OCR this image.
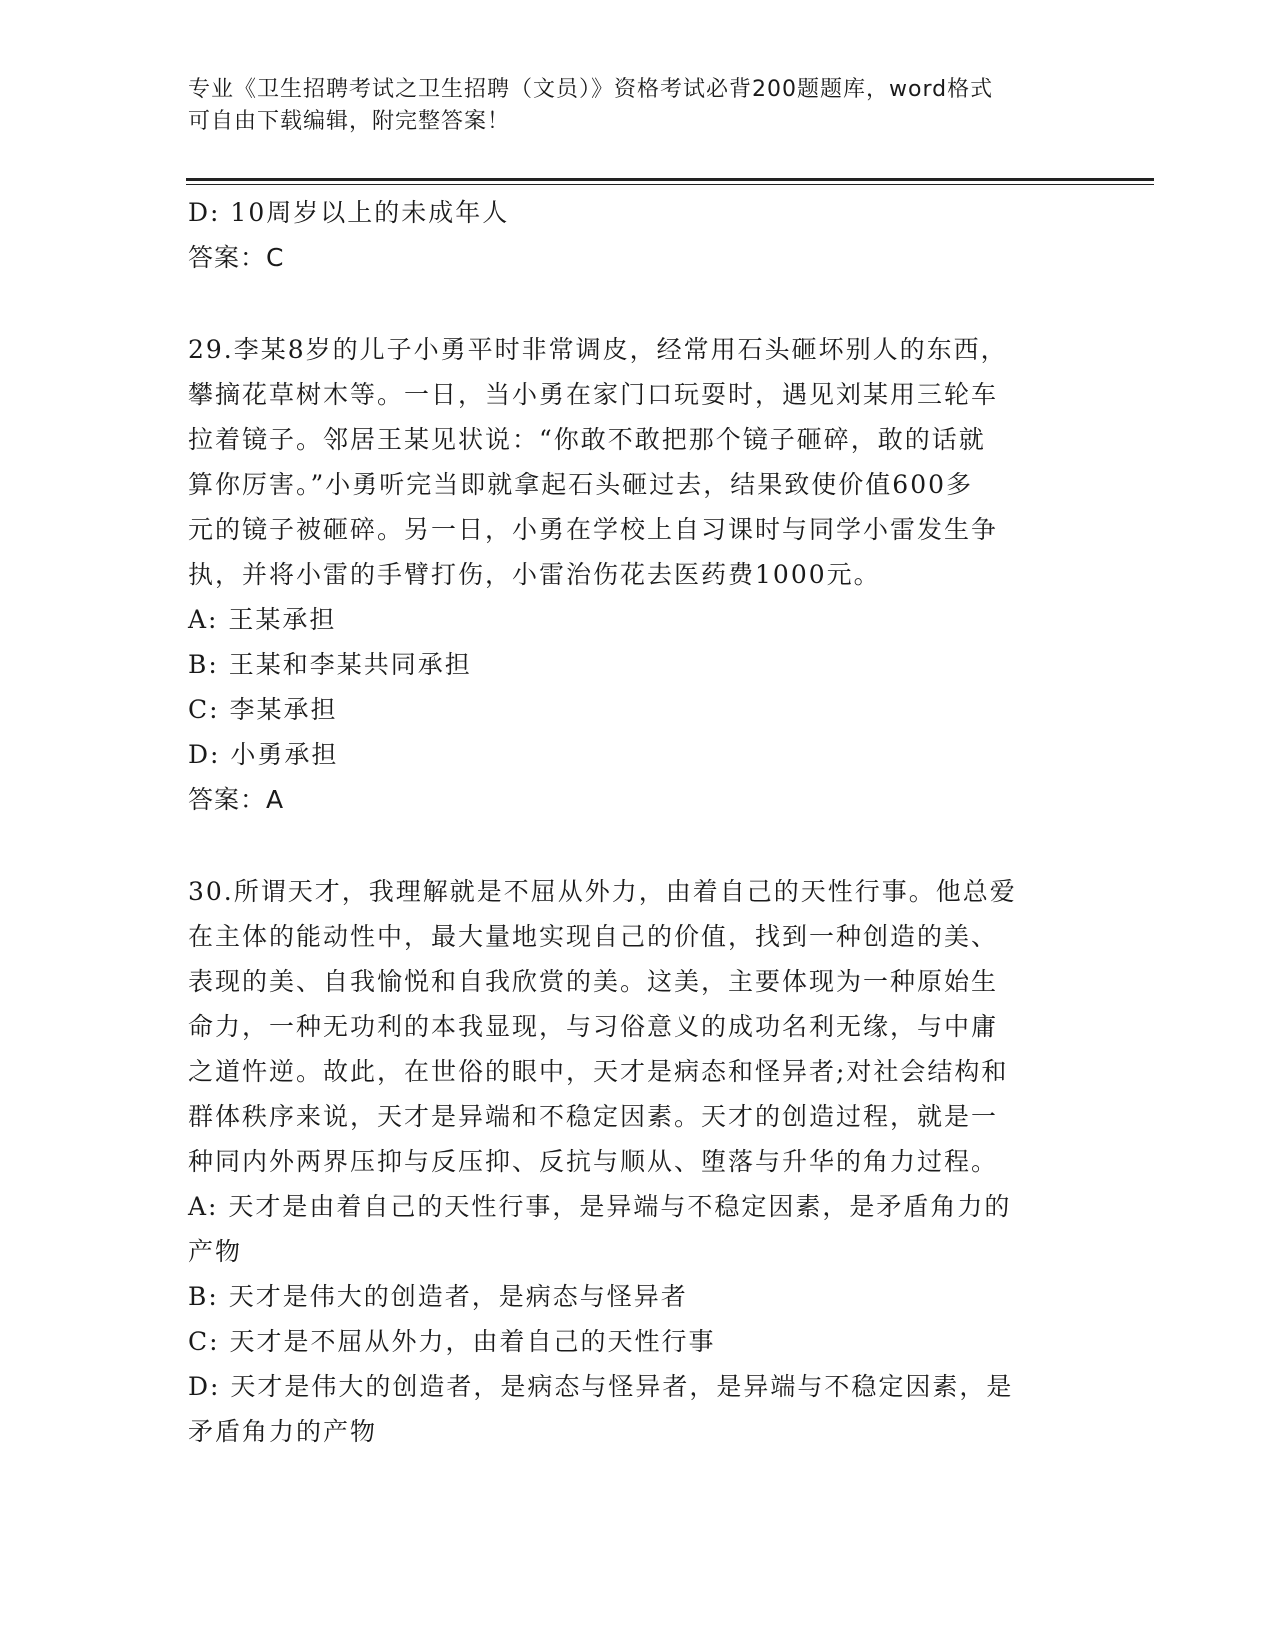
专业《卫生招聘考试之卫生招聘（文员）》资格考试必背200题题库，word格式
可自由下载编辑，附完整答案！
D: 10周岁以上的未成年人
答案：C
29.李某8岁的儿子小勇平时非常调皮，经常用石头砸坏别人的东西，
攀摘花草树木等。一日，当小勇在家门口玩耍时，遇见刘某用三轮车
拉着镜子。邻居王某见状说：“你敢不敢把那个镜子砸碎，敢的话就
算你厉害。”小勇听完当即就拿起石头砸过去，结果致使价值600多
元的镜子被砸碎。另一日，小勇在学校上自习课时与同学小雷发生争
执，并将小雷的手臂打伤，小雷治伤花去医药费1000元。
A: 王某承担
B: 王某和李某共同承担
C: 李某承担
D: 小勇承担
答案：A
30.所谓天才，我理解就是不屈从外力，由着自己的天性行事。他总爱
在主体的能动性中，最大量地实现自己的价值，找到一种创造的美、
表现的美、自我愉悦和自我欣赏的美。这美，主要体现为一种原始生
命力，一种无功利的本我显现，与习俗意义的成功名利无缘，与中庸
之道忤逆。故此，在世俗的眼中，天才是病态和怪异者;对社会结构和
群体秩序来说，天才是异端和不稳定因素。天才的创造过程，就是一
种同内外两界压抑与反压抑、反抗与顺从、堕落与升华的角力过程。
A: 天才是由着自己的天性行事，是异端与不稳定因素，是矛盾角力的
产物
B: 天才是伟大的创造者，是病态与怪异者
C: 天才是不屈从外力，由着自己的天性行事
D: 天才是伟大的创造者，是病态与怪异者，是异端与不稳定因素，是
矛盾角力的产物
